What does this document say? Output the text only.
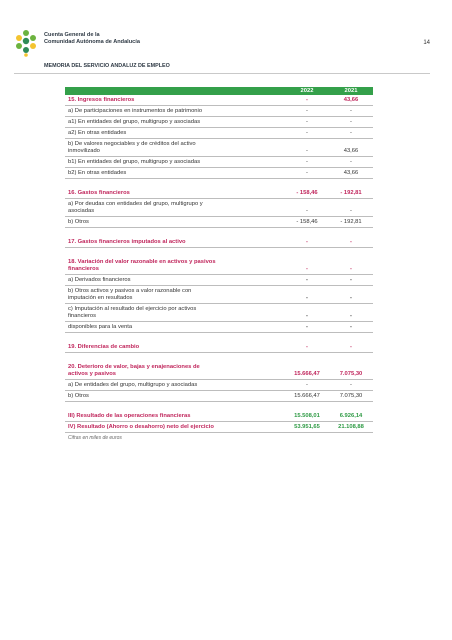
Cuenta General de la
Comunidad Autónoma de Andalucía	14
MEMORIA DEL SERVICIO ANDALUZ DE EMPLEO
2022	2021
15. Ingresos financieros	-	43,66
a) De participaciones en instrumentos de patrimonio	-	-
a1) En entidades del grupo, multigrupo y asociadas	-	-
a2) En otras entidades	-	-
b) De valores negociables y de créditos del activo
inmovilizado	-	43,66
b1) En entidades del grupo, multigrupo y asociadas	-	-
b2) En otras entidades	-	43,66
16. Gastos financieros	- 158,46	- 192,81
a) Por deudas con entidades del grupo, multigrupo y
asociadas	-	-
b) Otros	- 158,46	- 192,81
17. Gastos financieros imputados al activo	-	-
18. Variación del valor razonable en activos y pasivos
financieros	-	-
a) Derivados financieros	-	-
b) Otros activos y pasivos a valor razonable con
imputación en resultados	-	-
c) Imputación al resultado del ejercicio por activos
financieros	-	-
disponibles para la venta	-	-
19. Diferencias de cambio	-	-
20. Deterioro de valor, bajas y enajenaciones de
activos y pasivos	15.666,47	7.075,30
a) De entidades del grupo, multigrupo y asociadas	-	-
b) Otros	15.666,47	7.075,30
III) Resultado de las operaciones financieras	15.508,01	6.926,14
IV) Resultado (Ahorro o desahorro) neto del ejercicio	53.951,65	21.108,88
Cifras en miles de euros
